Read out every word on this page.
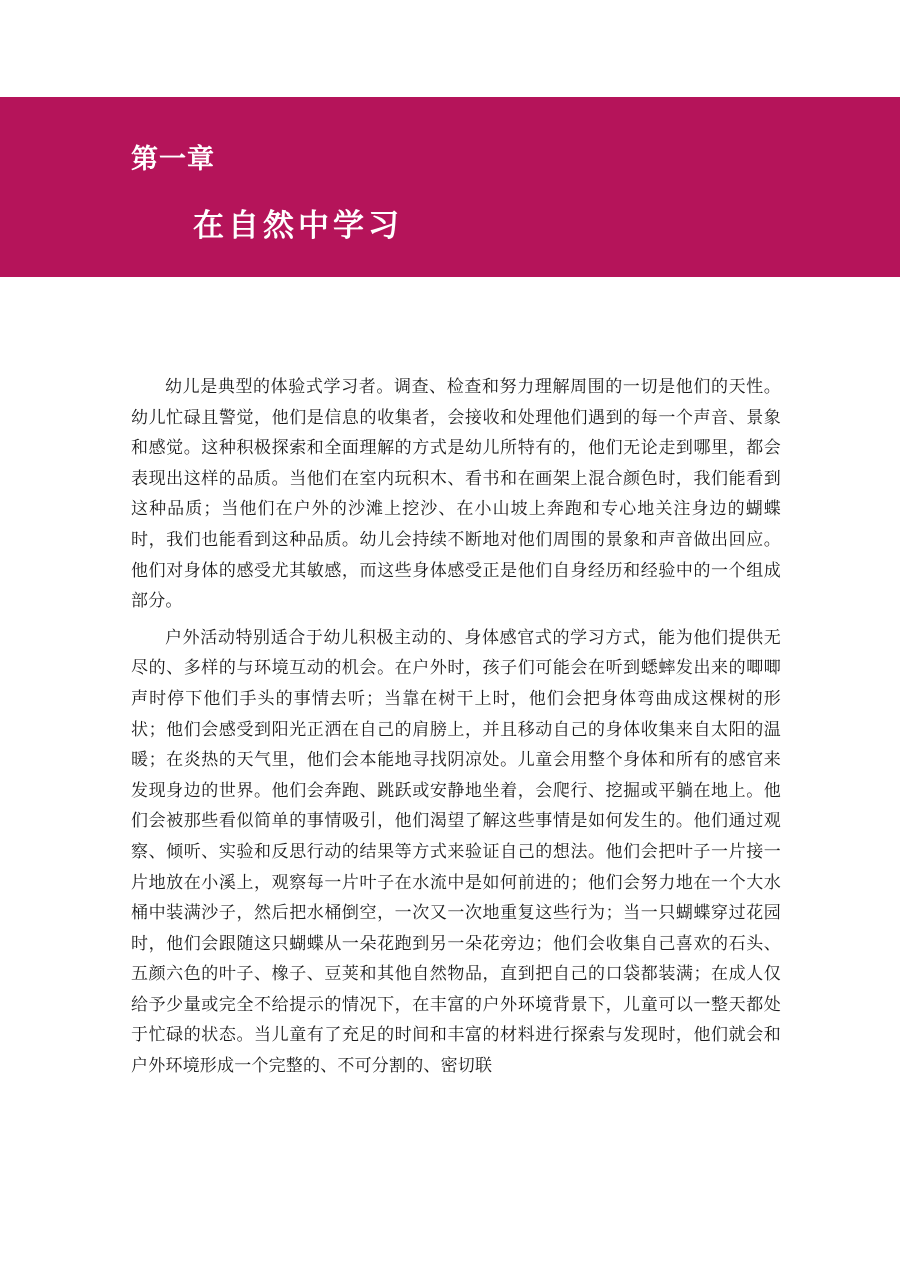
第一章
在自然中学习

幼儿是典型的体验式学习者。调查、检查和努力理解周围的一切是他们的天性。幼儿忙碌且警觉，他们是信息的收集者，会接收和处理他们遇到的每一个声音、景象和感觉。这种积极探索和全面理解的方式是幼儿所特有的，他们无论走到哪里，都会表现出这样的品质。当他们在室内玩积木、看书和在画架上混合颜色时，我们能看到这种品质；当他们在户外的沙滩上挖沙、在小山坡上奔跑和专心地关注身边的蝴蝶时，我们也能看到这种品质。幼儿会持续不断地对他们周围的景象和声音做出回应。他们对身体的感受尤其敏感，而这些身体感受正是他们自身经历和经验中的一个组成部分。

户外活动特别适合于幼儿积极主动的、身体感官式的学习方式，能为他们提供无尽的、多样的与环境互动的机会。在户外时，孩子们可能会在听到蟋蟀发出来的唧唧声时停下他们手头的事情去听；当靠在树干上时，他们会把身体弯曲成这棵树的形状；他们会感受到阳光正洒在自己的肩膀上，并且移动自己的身体收集来自太阳的温暖；在炎热的天气里，他们会本能地寻找阴凉处。儿童会用整个身体和所有的感官来发现身边的世界。他们会奔跑、跳跃或安静地坐着，会爬行、挖掘或平躺在地上。他们会被那些看似简单的事情吸引，他们渴望了解这些事情是如何发生的。他们通过观察、倾听、实验和反思行动的结果等方式来验证自己的想法。他们会把叶子一片接一片地放在小溪上，观察每一片叶子在水流中是如何前进的；他们会努力地在一个大水桶中装满沙子，然后把水桶倒空，一次又一次地重复这些行为；当一只蝴蝶穿过花园时，他们会跟随这只蝴蝶从一朵花跑到另一朵花旁边；他们会收集自己喜欢的石头、五颜六色的叶子、橡子、豆荚和其他自然物品，直到把自己的口袋都装满；在成人仅给予少量或完全不给提示的情况下，在丰富的户外环境背景下，儿童可以一整天都处于忙碌的状态。当儿童有了充足的时间和丰富的材料进行探索与发现时，他们就会和户外环境形成一个完整的、不可分割的、密切联
